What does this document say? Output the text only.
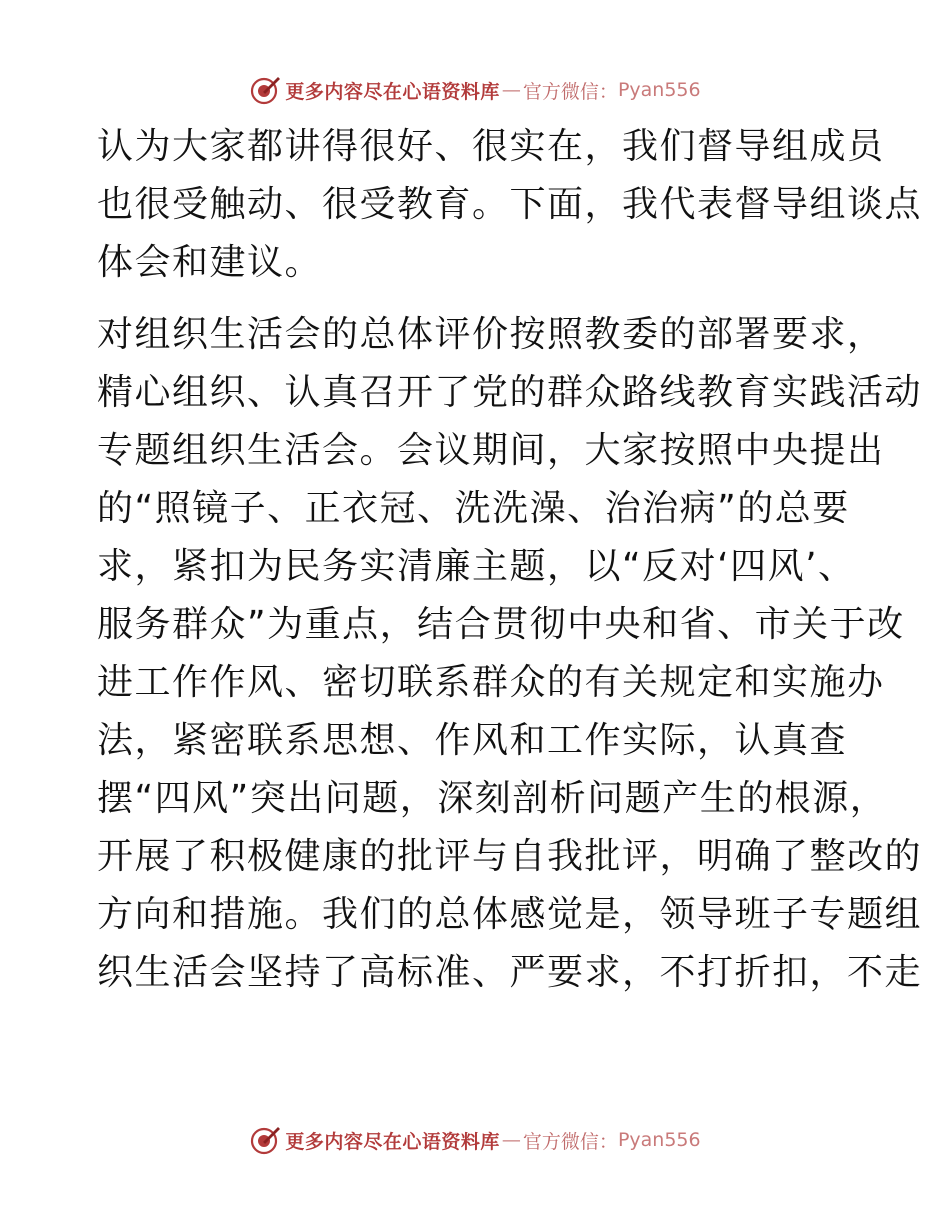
更多内容尽在心语资料库 — 官方微信： Pyan556
认为大家都讲得很好、很实在，我们督导组成员
也很受触动、很受教育。下面，我代表督导组谈点
体会和建议。
对组织生活会的总体评价按照教委的部署要求，
精心组织、认真召开了党的群众路线教育实践活动
专题组织生活会。会议期间，大家按照中央提出
的“照镜子、正衣冠、洗洗澡、治治病”的总要
求，紧扣为民务实清廉主题，以“反对‘四风’、
服务群众”为重点，结合贯彻中央和省、市关于改
进工作作风、密切联系群众的有关规定和实施办
法，紧密联系思想、作风和工作实际，认真查
摆“四风”突出问题，深刻剖析问题产生的根源，
开展了积极健康的批评与自我批评，明确了整改的
方向和措施。我们的总体感觉是，领导班子专题组
织生活会坚持了高标准、严要求，不打折扣，不走
更多内容尽在心语资料库 — 官方微信： Pyan556
